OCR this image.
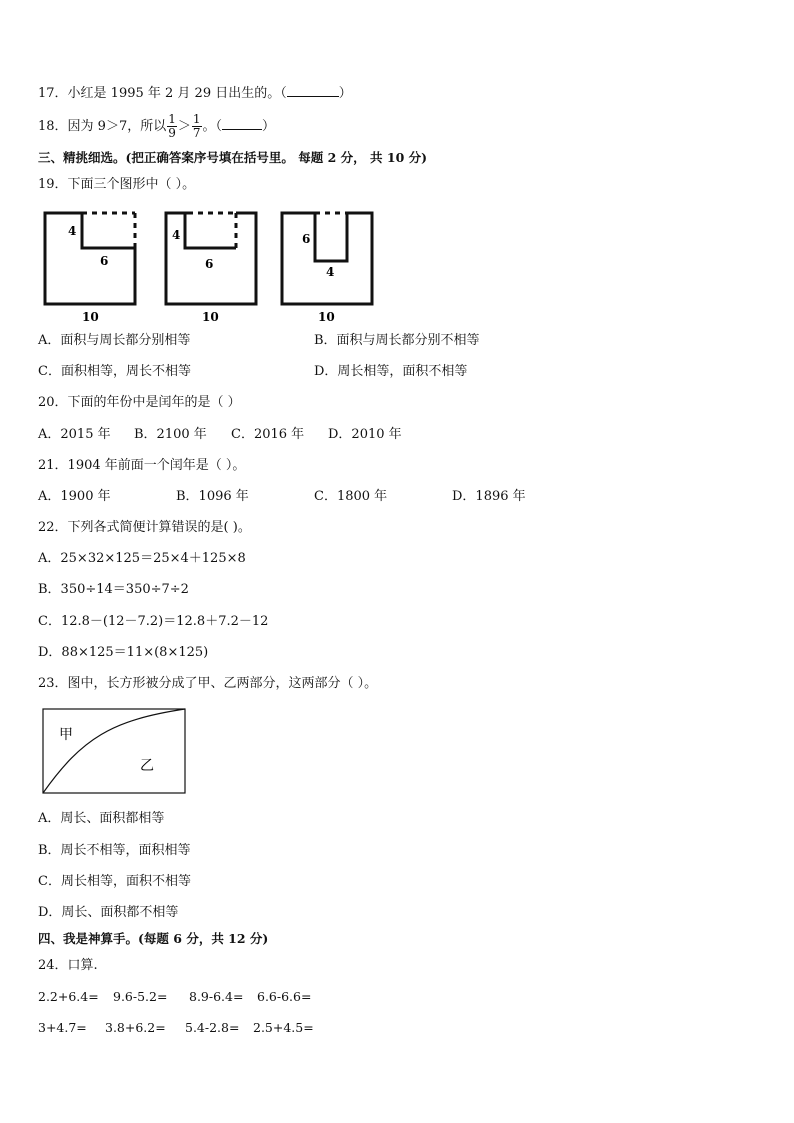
17．小红是 1995 年 2 月 29 日出生的。（	）
18．因为 9＞7，所以 $\frac{1}{9} > \frac{1}{7}$ 。（	）
三、精挑细选。(把正确答案序号填在括号里。 每题 2 分， 共 10 分)
19．下面三个图形中（ ）。
4
6
10
4
6
10
6
4
10
A．面积与周长都分别相等	B．面积与周长都分别不相等
C．面积相等，周长不相等	D．周长相等，面积不相等
20．下面的年份中是闰年的是（ ）
A．2015 年 B．2100 年 C．2016 年 D．2010 年
21．1904 年前面一个闰年是（ ）。
A．1900 年	B．1096 年	C．1800 年	D．1896 年
22．下列各式简便计算错误的是( )。
A．25×32×125＝25×4＋125×8
B．350÷14＝350÷7÷2
C．12.8－(12－7.2)＝12.8＋7.2－12
D．88×125＝11×(8×125)
23．图中，长方形被分成了甲、乙两部分，这两部分（ ）。
甲
乙
A．周长、面积都相等
B．周长不相等，面积相等
C．周长相等，面积不相等
D．周长、面积都不相等
四、我是神算手。(每题 6 分，共 12 分)
24．口算.
2.2+6.4= 9.6-5.2= 8.9-6.4= 6.6-6.6=
3+4.7= 3.8+6.2= 5.4-2.8= 2.5+4.5=
